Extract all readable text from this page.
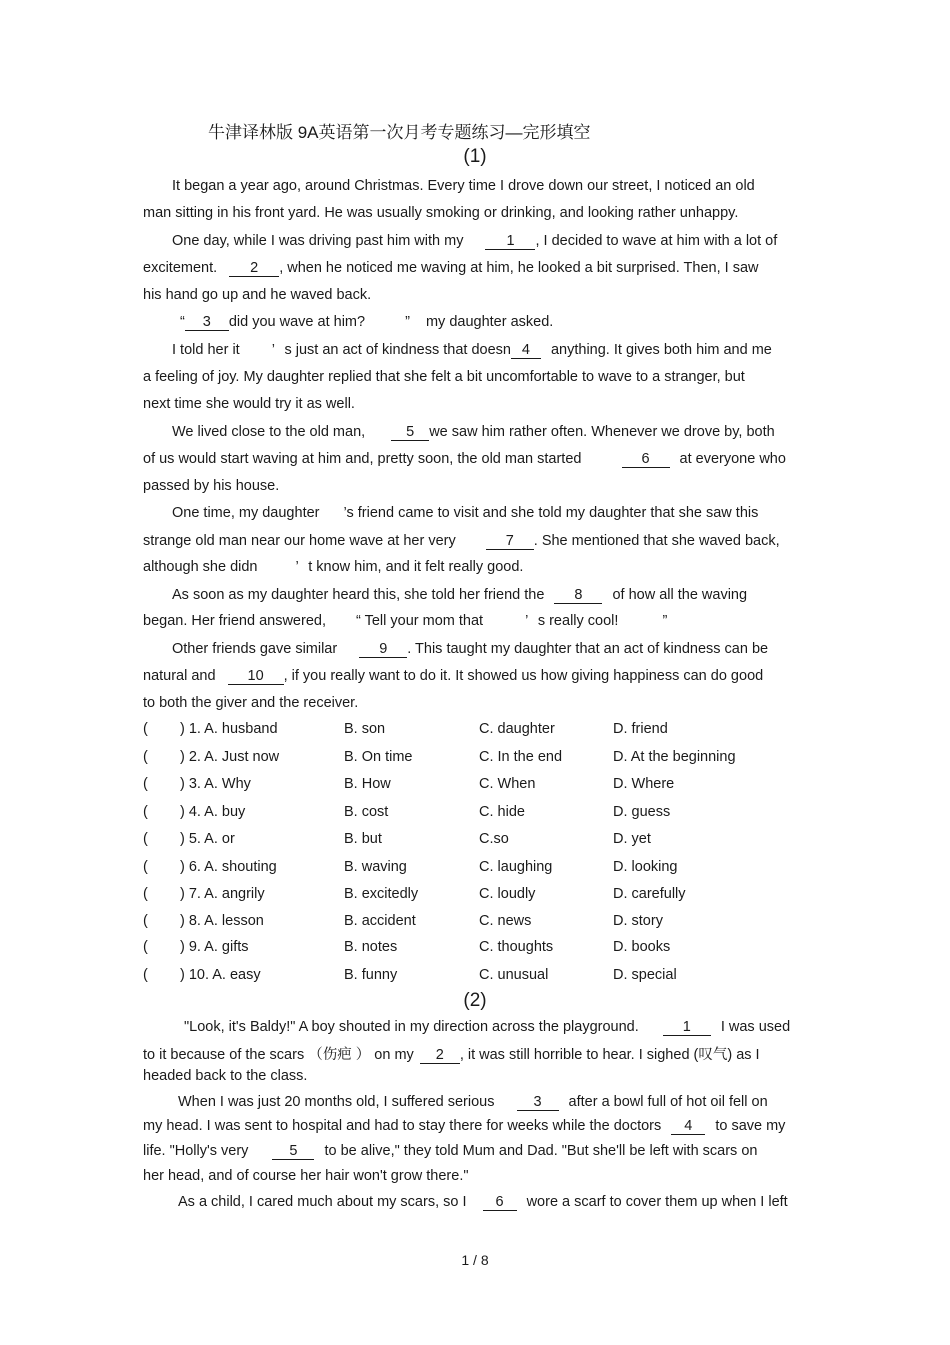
牛津译林版 9A英语第一次月考专题练习—完形填空
(1)
It began a year ago, around Christmas. Every time I drove down our street, I noticed an old
man sitting in his front yard. He was usually smoking or drinking, and looking rather unhappy.
One day, while I was driving past him with my	1 , I decided to wave at him with a lot of
excitement. 2 , when he noticed me waving at him, he looked a bit surprised. Then, I saw
his hand go up and he waved back.
“ 3 did you wave at him?	” my daughter asked.
I told her it ’ s just an act of kindness that doesn 4 anything. It gives both him and me
a feeling of joy. My daughter replied that she felt a bit uncomfortable to wave to a stranger, but
next time she would try it as well.
We lived close to the old man,	5 we saw him rather often. Whenever we drove by, both
of us would start waving at him and, pretty soon, the old man started	6 at everyone who
passed by his house.
One time, my daughter ’s friend came to visit and she told my daughter that she saw this
strange old man near our home wave at her very	7 . She mentioned that she waved back,
although she didn	’ t know him, and it felt really good.
As soon as my daughter heard this, she told her friend the 8 of how all the waving
began. Her friend answered, “ Tell your mom that	’ s really cool!	”
Other friends gave similar	9 . This taught my daughter that an act of kindness can be
natural and 10 , if you really want to do it. It showed us how giving happiness can do good
to both the giver and the receiver.
( ) 1. A. husband	B. son	C. daughter	D. friend
( ) 2. A. Just now	B. On time	C. In the end	D. At the beginning
( ) 3. A. Why	B. How	C. When	D. Where
( ) 4. A. buy	B. cost	C. hide	D. guess
( ) 5. A. or	B. but	C.so	D. yet
( ) 6. A. shouting	B. waving	C. laughing	D. looking
( ) 7. A. angrily	B. excitedly	C. loudly	D. carefully
( ) 8. A. lesson	B. accident	C. news	D. story
( ) 9. A. gifts	B. notes	C. thoughts	D. books
( ) 10. A. easy	B. funny	C. unusual	D. special
(2)
"Look, it's Baldy!" A boy shouted in my direction across the playground.	1 I was used
to it because of the scars （伤疤 ） on my 2 , it was still horrible to hear. I sighed (叹气) as I
headed back to the class.
When I was just 20 months old, I suffered serious	3 after a bowl full of hot oil fell on
my head. I was sent to hospital and had to stay there for weeks while the doctors 4 to save my
life. "Holly's very	5 to be alive," they told Mum and Dad. "But she'll be left with scars on
her head, and of course her hair won't grow there."
As a child, I cared much about my scars, so I 6 wore a scarf to cover them up when I left
1 / 8
